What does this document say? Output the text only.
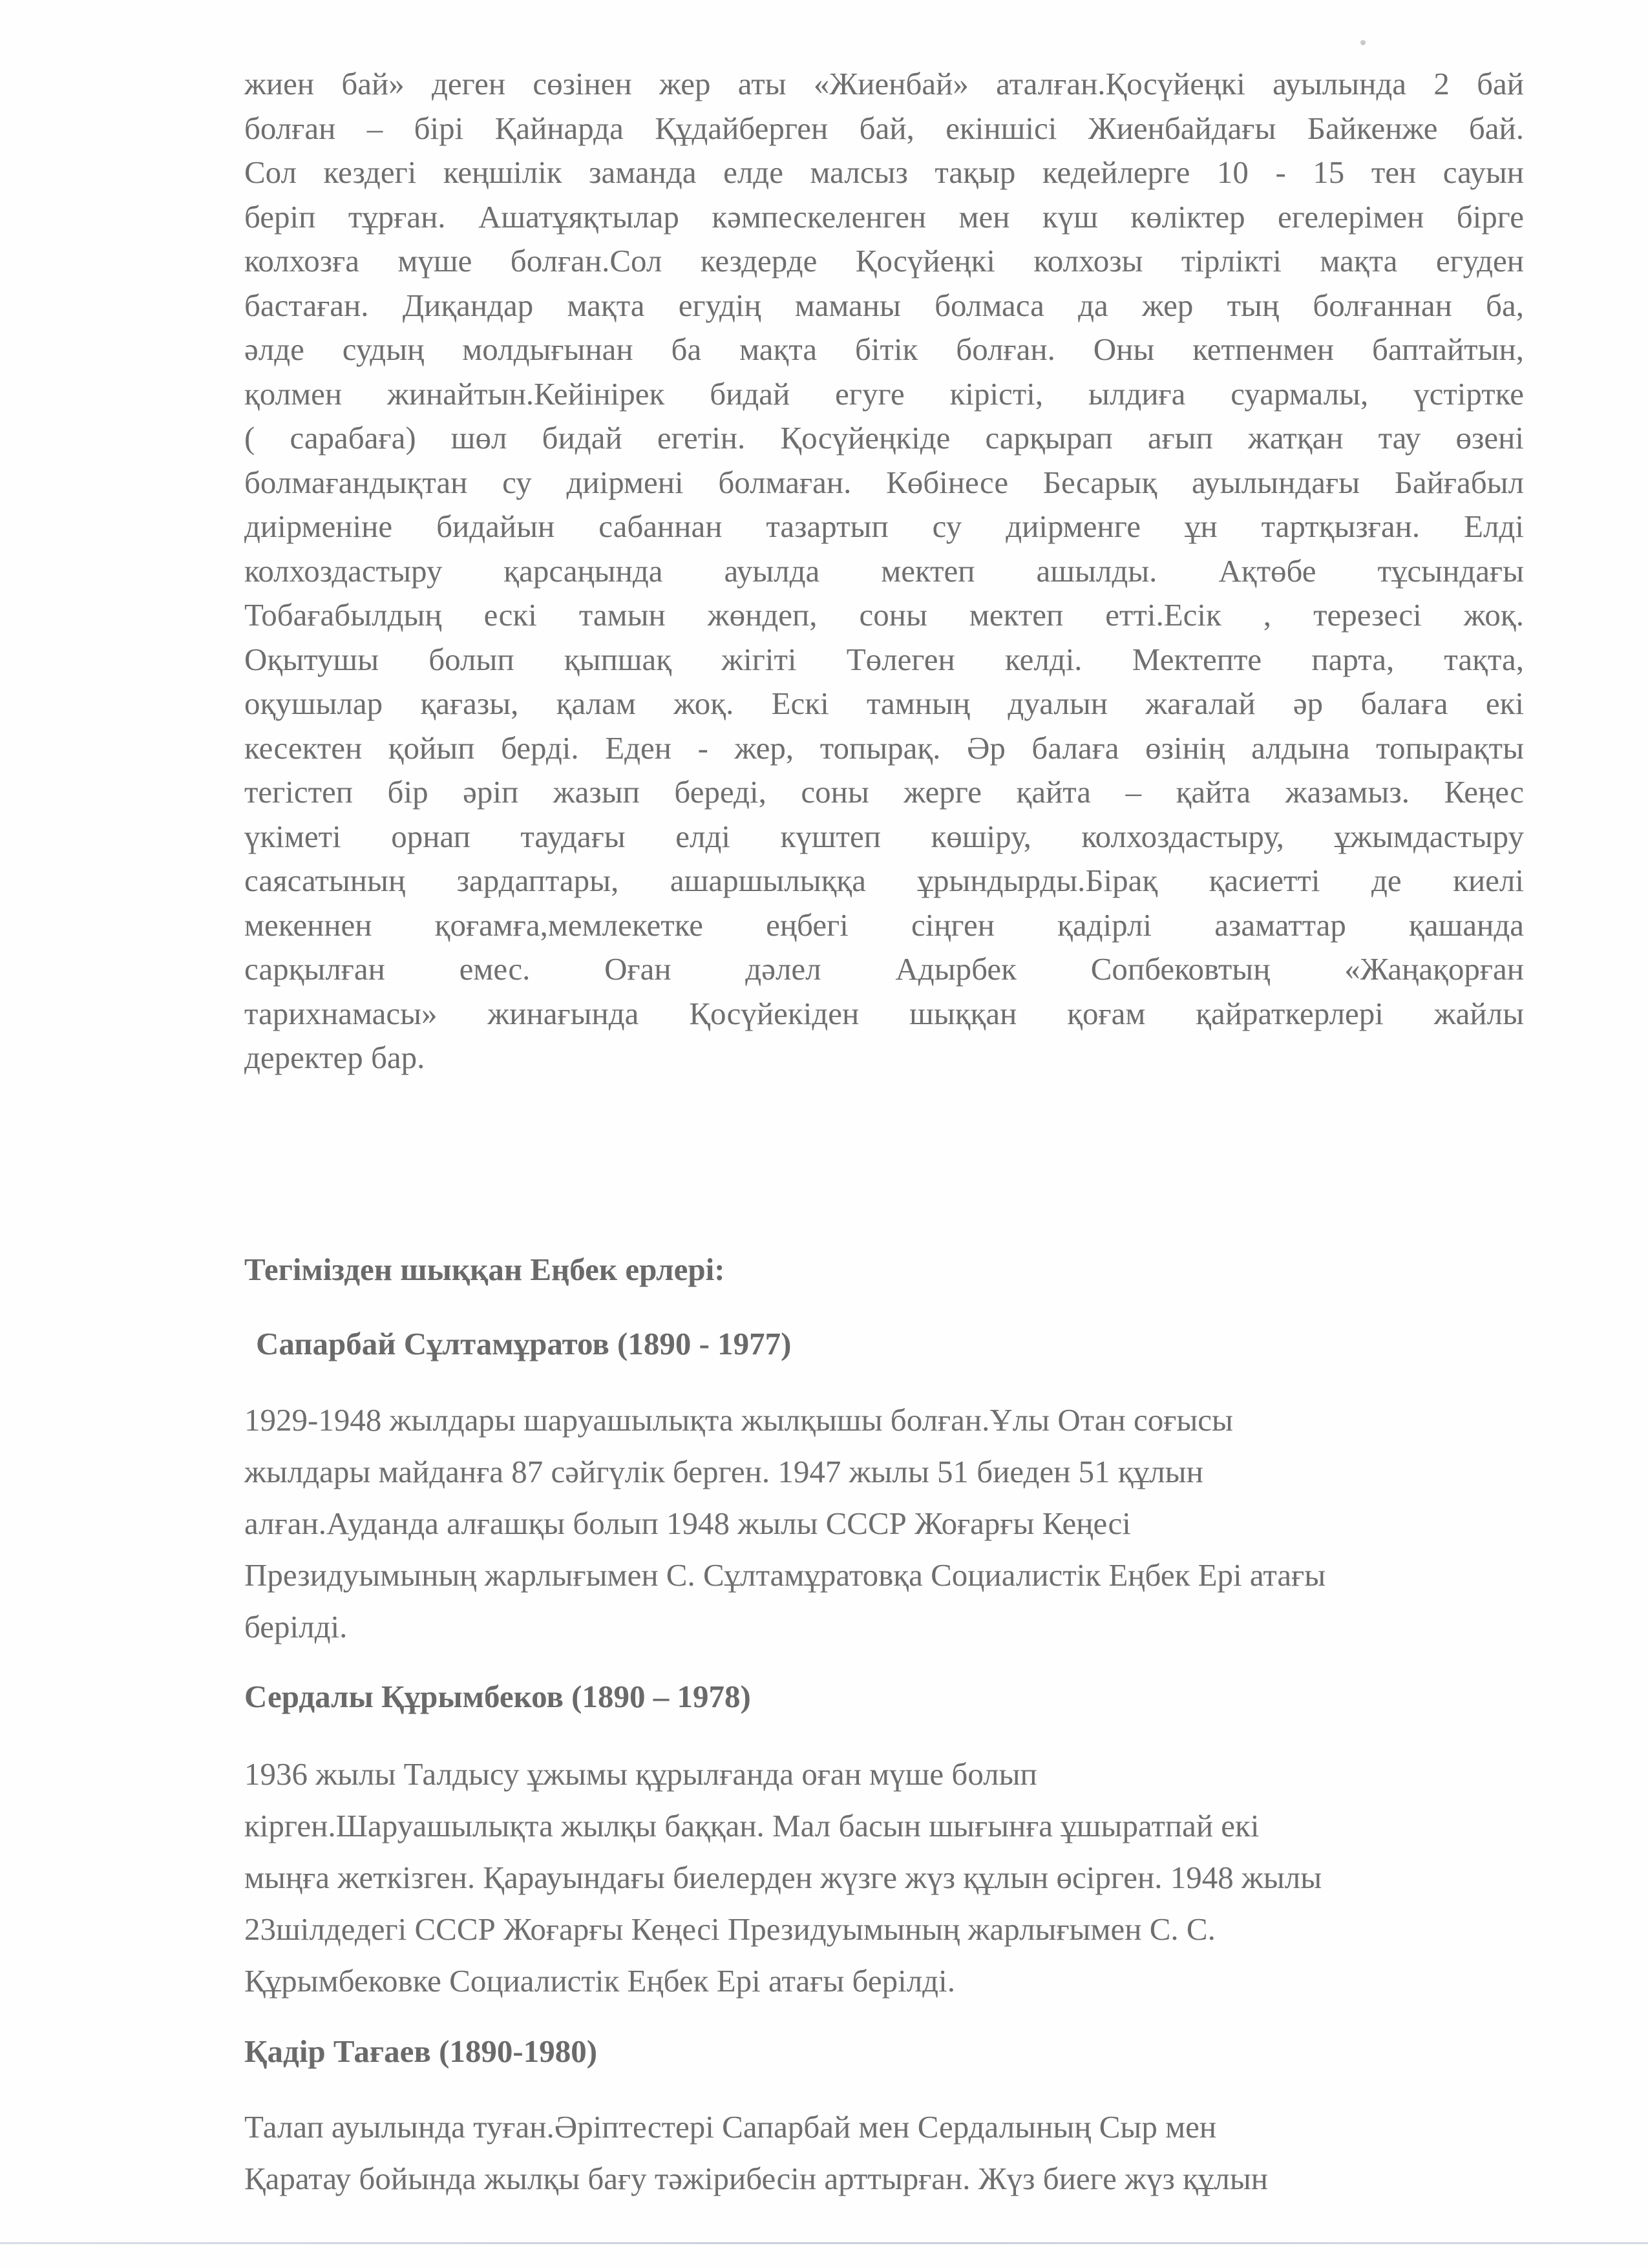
жиен бай» деген сөзінен жер аты «Жиенбай» аталған.Қосүйеңкі ауылында 2 бай
болған – бірі Қайнарда Құдайберген бай, екіншісі Жиенбайдағы Байкенже бай.
Сол кездегі кеңшілік заманда елде малсыз тақыр кедейлерге 10 - 15 тен сауын
беріп тұрған. Ашатұяқтылар кәмпескеленген мен күш көліктер егелерімен бірге
колхозға мүше болған.Сол кездерде Қосүйеңкі колхозы тірлікті мақта егуден
бастаған. Диқандар мақта егудің маманы болмаса да жер тың болғаннан ба,
әлде судың молдығынан ба мақта бітік болған. Оны кетпенмен баптайтын,
қолмен жинайтын.Кейінірек бидай егуге кірісті, ылдиға суармалы, үстіртке
( сарабаға) шөл бидай егетін. Қосүйеңкіде сарқырап ағып жатқан тау өзені
болмағандықтан су диірмені болмаған. Көбінесе Бесарық ауылындағы Байғабыл
диірменіне бидайын сабаннан тазартып су диірменге ұн тартқызған. Елді
колхоздастыру қарсаңында ауылда мектеп ашылды. Ақтөбе тұсындағы
Тобағабылдың ескі тамын жөндеп, соны мектеп етті.Есік , терезесі жоқ.
Оқытушы болып қыпшақ жігіті Төлеген келді. Мектепте парта, тақта,
оқушылар қағазы, қалам жоқ. Ескі тамның дуалын жағалай әр балаға екі
кесектен қойып берді. Еден - жер, топырақ. Әр балаға өзінің алдына топырақты
тегістеп бір әріп жазып береді, соны жерге қайта – қайта жазамыз. Кеңес
үкіметі орнап таудағы елді күштеп көшіру, колхоздастыру, ұжымдастыру
саясатының зардаптары, ашаршылыққа ұрындырды.Бірақ қасиетті де киелі
мекеннен қоғамға,мемлекетке еңбегі сіңген қадірлі азаматтар қашанда
сарқылған емес. Оған дәлел Адырбек Сопбековтың «Жаңақорған
тарихнамасы» жинағында Қосүйекіден шыққан қоғам қайраткерлері жайлы
деректер бар.
Тегімізден шыққан Еңбек ерлері:
Сапарбай Сұлтамұратов (1890 - 1977)
1929-1948 жылдары шаруашылықта жылқышы болған.Ұлы Отан соғысы
жылдары майданға 87 сәйгүлік берген. 1947 жылы 51 биеден 51 құлын
алған.Ауданда алғашқы болып 1948 жылы СССР Жоғарғы Кеңесі
Президуымының жарлығымен С. Сұлтамұратовқа Социалистік Еңбек Ері атағы
берілді.
Сердалы Құрымбеков (1890 – 1978)
1936 жылы Талдысу ұжымы құрылғанда оған мүше болып
кірген.Шаруашылықта жылқы баққан. Мал басын шығынға ұшыратпай екі
мыңға жеткізген. Қарауындағы биелерден жүзге жүз құлын өсірген. 1948 жылы
23шілдедегі СССР Жоғарғы Кеңесі Президуымының жарлығымен С. С.
Құрымбековке Социалистік Еңбек Ері атағы берілді.
Қадір Тағаев (1890-1980)
Талап ауылында туған.Әріптестері Сапарбай мен Сердалының Сыр мен
Қаратау бойында жылқы бағу тәжірибесін арттырған. Жүз биеге жүз құлын
